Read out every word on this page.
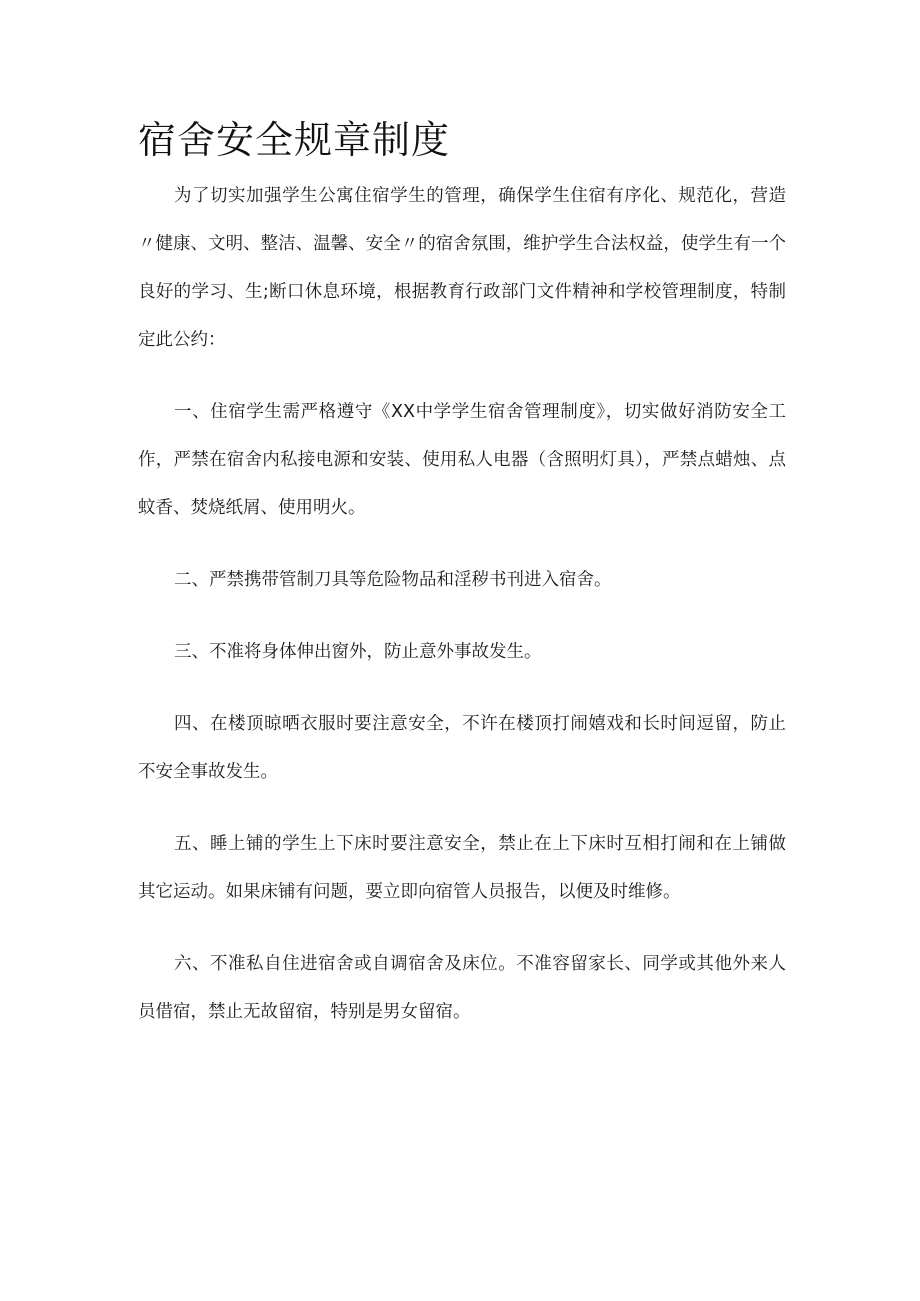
宿舍安全规章制度

为了切实加强学生公寓住宿学生的管理，确保学生住宿有序化、规范化，营造〃健康、文明、整洁、温馨、安全〃的宿舍氛围，维护学生合法权益，使学生有一个良好的学习、生;断口休息环境，根据教育行政部门文件精神和学校管理制度，特制定此公约：

一、住宿学生需严格遵守《XX中学学生宿舍管理制度》，切实做好消防安全工作，严禁在宿舍内私接电源和安装、使用私人电器（含照明灯具），严禁点蜡烛、点蚊香、焚烧纸屑、使用明火。

二、严禁携带管制刀具等危险物品和淫秽书刊进入宿舍。

三、不准将身体伸出窗外，防止意外事故发生。

四、在楼顶晾晒衣服时要注意安全，不许在楼顶打闹嬉戏和长时间逗留，防止不安全事故发生。

五、睡上铺的学生上下床时要注意安全，禁止在上下床时互相打闹和在上铺做其它运动。如果床铺有问题，要立即向宿管人员报告，以便及时维修。

六、不准私自住进宿舍或自调宿舍及床位。不准容留家长、同学或其他外来人员借宿，禁止无故留宿，特别是男女留宿。
